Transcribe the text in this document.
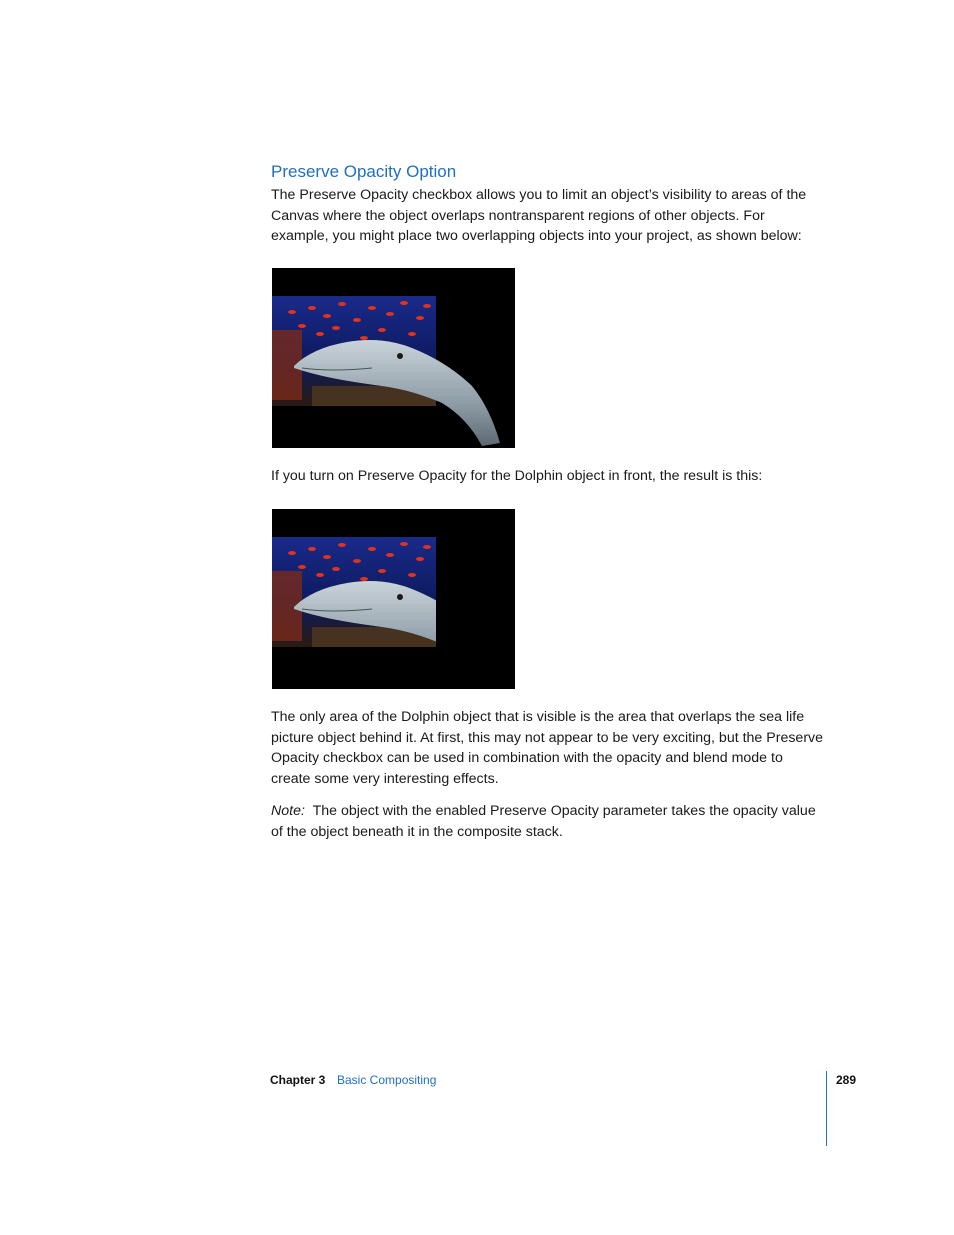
Preserve Opacity Option

The Preserve Opacity checkbox allows you to limit an object’s visibility to areas of the Canvas where the object overlaps nontransparent regions of other objects. For example, you might place two overlapping objects into your project, as shown below:

If you turn on Preserve Opacity for the Dolphin object in front, the result is this:

The only area of the Dolphin object that is visible is the area that overlaps the sea life picture object behind it. At first, this may not appear to be very exciting, but the Preserve Opacity checkbox can be used in combination with the opacity and blend mode to create some very interesting effects.

Note: The object with the enabled Preserve Opacity parameter takes the opacity value of the object beneath it in the composite stack.

Chapter 3 Basic Compositing	289
